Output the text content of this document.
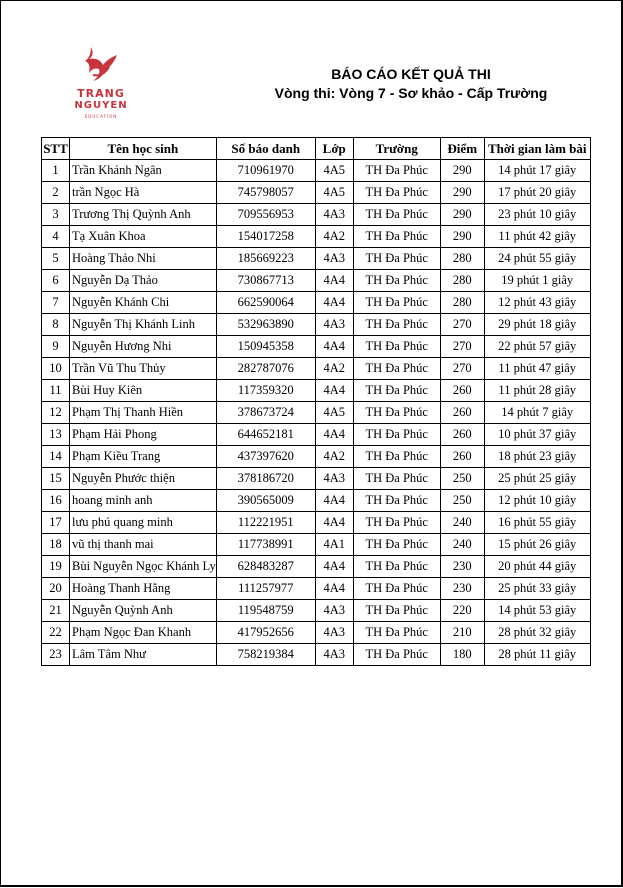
TRANG
NGUYEN
EDUCATION
BÁO CÁO KẾT QUẢ THI
Vòng thi: Vòng 7 - Sơ khảo - Cấp Trường
STT	Tên học sinh	Số báo danh	Lớp	Trường	Điểm	Thời gian làm bài
1	Trần Khánh Ngân	710961970	4A5	TH Đa Phúc	290	14 phút 17 giây
2	trần Ngọc Hà	745798057	4A5	TH Đa Phúc	290	17 phút 20 giây
3	Trương Thị Quỳnh Anh	709556953	4A3	TH Đa Phúc	290	23 phút 10 giây
4	Tạ Xuân Khoa	154017258	4A2	TH Đa Phúc	290	11 phút 42 giây
5	Hoàng Thảo Nhi	185669223	4A3	TH Đa Phúc	280	24 phút 55 giây
6	Nguyễn Dạ Thảo	730867713	4A4	TH Đa Phúc	280	19 phút 1 giây
7	Nguyễn Khánh Chi	662590064	4A4	TH Đa Phúc	280	12 phút 43 giây
8	Nguyễn Thị Khánh Linh	532963890	4A3	TH Đa Phúc	270	29 phút 18 giây
9	Nguyễn Hương Nhi	150945358	4A4	TH Đa Phúc	270	22 phút 57 giây
10	Trần Vũ Thu Thủy	282787076	4A2	TH Đa Phúc	270	11 phút 47 giây
11	Bùi Huy Kiên	117359320	4A4	TH Đa Phúc	260	11 phút 28 giây
12	Phạm Thị Thanh Hiền	378673724	4A5	TH Đa Phúc	260	14 phút 7 giây
13	Phạm Hải Phong	644652181	4A4	TH Đa Phúc	260	10 phút 37 giây
14	Phạm Kiều Trang	437397620	4A2	TH Đa Phúc	260	18 phút 23 giây
15	Nguyễn Phước thiện	378186720	4A3	TH Đa Phúc	250	25 phút 25 giây
16	hoang minh anh	390565009	4A4	TH Đa Phúc	250	12 phút 10 giây
17	lưu phú quang minh	112221951	4A4	TH Đa Phúc	240	16 phút 55 giây
18	vũ thị thanh mai	117738991	4A1	TH Đa Phúc	240	15 phút 26 giây
19	Bùi Nguyễn Ngọc Khánh Ly	628483287	4A4	TH Đa Phúc	230	20 phút 44 giây
20	Hoàng Thanh Hằng	111257977	4A4	TH Đa Phúc	230	25 phút 33 giây
21	Nguyễn Quỳnh Anh	119548759	4A3	TH Đa Phúc	220	14 phút 53 giây
22	Phạm Ngọc Đan Khanh	417952656	4A3	TH Đa Phúc	210	28 phút 32 giây
23	Lâm Tâm Như	758219384	4A3	TH Đa Phúc	180	28 phút 11 giây
